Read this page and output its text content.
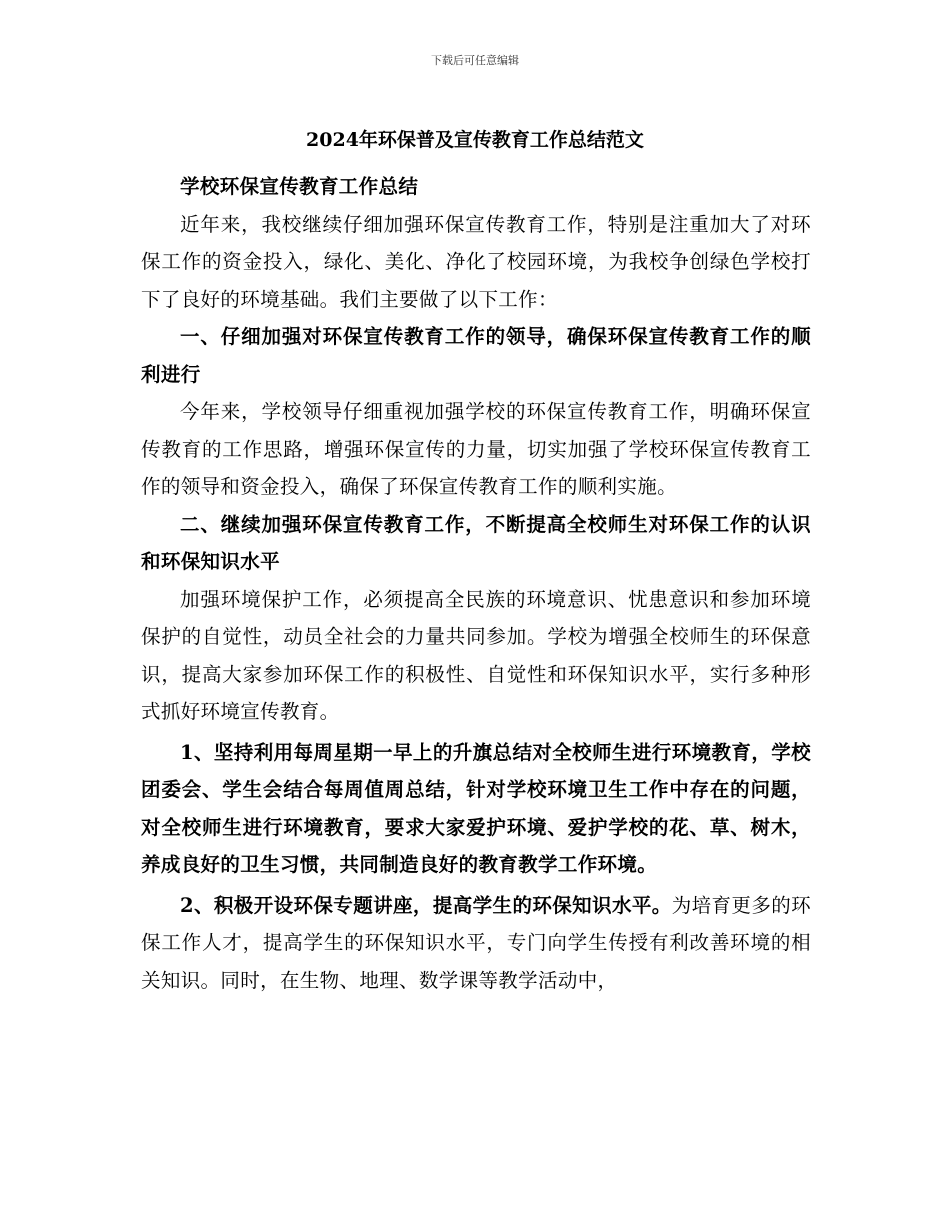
下载后可任意编辑
2024年环保普及宣传教育工作总结范文

学校环保宣传教育工作总结

近年来，我校继续仔细加强环保宣传教育工作，特别是注重加大了对环保工作的资金投入，绿化、美化、净化了校园环境，为我校争创绿色学校打下了良好的环境基础。我们主要做了以下工作：

一、仔细加强对环保宣传教育工作的领导，确保环保宣传教育工作的顺利进行

今年来，学校领导仔细重视加强学校的环保宣传教育工作，明确环保宣传教育的工作思路，增强环保宣传的力量，切实加强了学校环保宣传教育工作的领导和资金投入，确保了环保宣传教育工作的顺利实施。

二、继续加强环保宣传教育工作，不断提高全校师生对环保工作的认识和环保知识水平

加强环境保护工作，必须提高全民族的环境意识、忧患意识和参加环境保护的自觉性，动员全社会的力量共同参加。学校为增强全校师生的环保意识，提高大家参加环保工作的积极性、自觉性和环保知识水平，实行多种形式抓好环境宣传教育。

1、坚持利用每周星期一早上的升旗总结对全校师生进行环境教育，学校团委会、学生会结合每周值周总结，针对学校环境卫生工作中存在的问题，对全校师生进行环境教育，要求大家爱护环境、爱护学校的花、草、树木，养成良好的卫生习惯，共同制造良好的教育教学工作环境。

2、积极开设环保专题讲座，提高学生的环保知识水平。为培育更多的环保工作人才，提高学生的环保知识水平，专门向学生传授有利改善环境的相关知识。同时，在生物、地理、数学课等教学活动中，
